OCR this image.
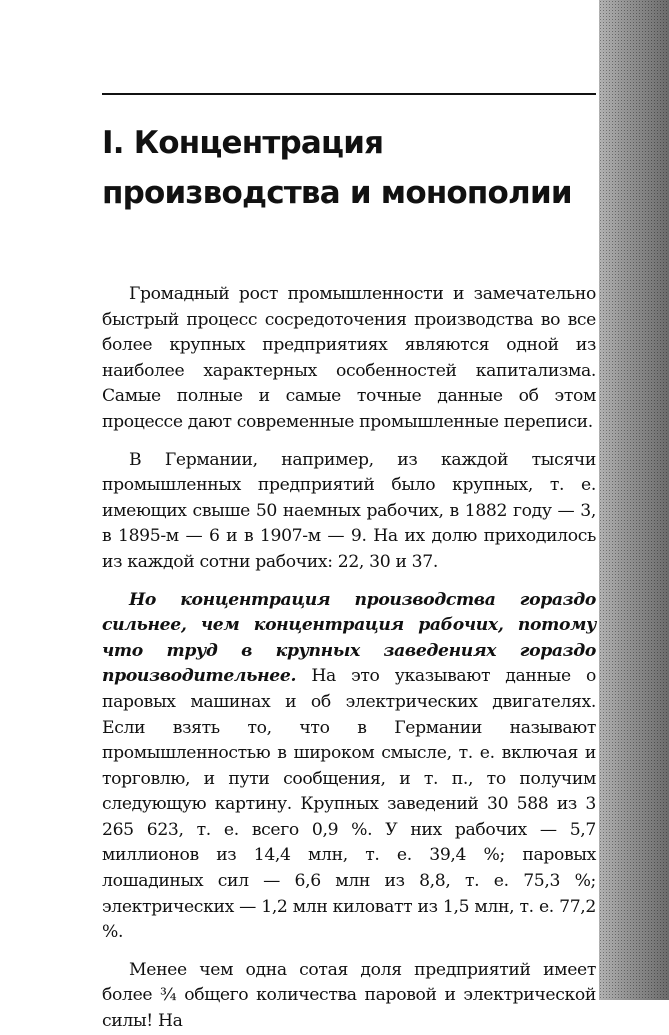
I. Концентрация
производства и монополии

Громадный рост промышленности и замечательно быстрый процесс сосредоточения производства во все более крупных предприятиях являются одной из наиболее характерных особенностей капитализма. Самые полные и самые точные данные об этом процессе дают современные промышленные переписи.

В Германии, например, из каждой тысячи промышленных предприятий было крупных, т. е. имеющих свыше 50 наемных рабочих, в 1882 году — 3, в 1895-м — 6 и в 1907-м — 9. На их долю приходилось из каждой сотни рабочих: 22, 30 и 37.

Но концентрация производства гораздо сильнее, чем концентрация рабочих, потому что труд в крупных заведениях гораздо производительнее. На это указывают данные о паровых машинах и об электрических двигателях. Если взять то, что в Германии называют промышленностью в широком смысле, т. е. включая и торговлю, и пути сообщения, и т. п., то получим следующую картину. Крупных заведений 30 588 из 3 265 623, т. е. всего 0,9 %. У них рабочих — 5,7 миллионов из 14,4 млн, т. е. 39,4 %; паровых лошадиных сил — 6,6 млн из 8,8, т. е. 75,3 %; электрических — 1,2 млн киловатт из 1,5 млн, т. е. 77,2 %.

Менее чем одна сотая доля предприятий имеет более ¾ общего количества паровой и электрической силы! На
